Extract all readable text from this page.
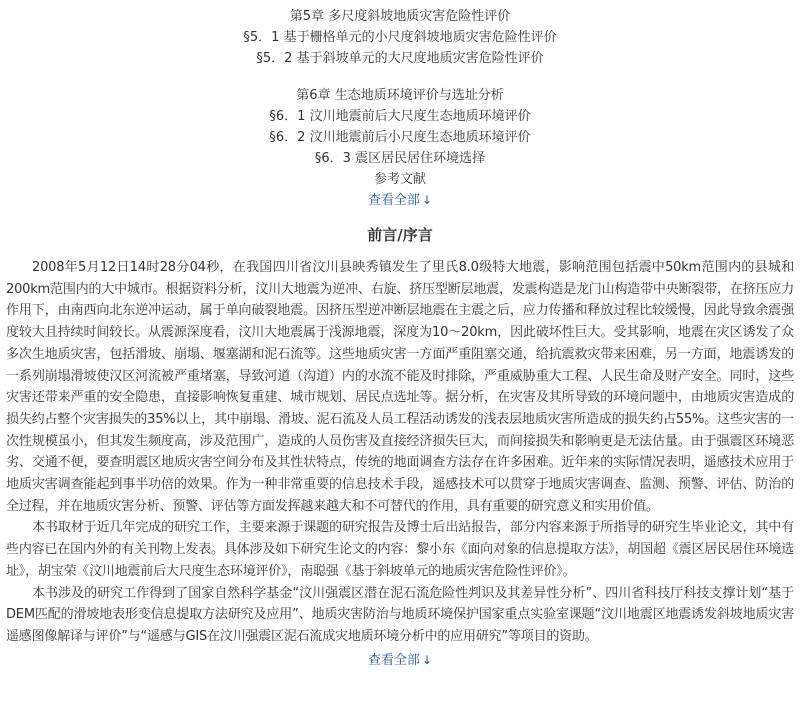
第5章 多尺度斜坡地质灾害危险性评价
§5．1 基于栅格单元的小尺度斜坡地质灾害危险性评价
§5．2 基于斜坡单元的大尺度地质灾害危险性评价
第6章 生态地质环境评价与选址分析
§6．1 汶川地震前后大尺度生态地质环境评价
§6．2 汶川地震前后小尺度生态地质环境评价
§6．3 震区居民居住环境选择
参考文献
查看全部 ↓
前言/序言

2008年5月12日14时28分04秒，在我国四川省汶川县映秀镇发生了里氏8.0级特大地震，影响范围包括震中50km范围内的县城和200km范围内的大中城市。根据资料分析，汶川大地震为逆冲、右旋、挤压型断层地震，发震构造是龙门山构造带中央断裂带，在挤压应力作用下，由南西向北东逆冲运动，属于单向破裂地震。因挤压型逆冲断层地震在主震之后，应力传播和释放过程比较缓慢，因此导致余震强度较大且持续时间较长。从震源深度看，汶川大地震属于浅源地震，深度为10～20km，因此破坏性巨大。受其影响，地震在灾区诱发了众多次生地质灾害，包括滑坡、崩塌、堰塞湖和泥石流等。这些地质灾害一方面严重阻塞交通，给抗震救灾带来困难，另一方面，地震诱发的一系列崩塌滑坡使汉区河流被严重堵塞，导致河道（沟道）内的水流不能及时排除，严重威胁重大工程、人民生命及财产安全。同时，这些灾害还带来严重的安全隐患，直接影响恢复重建、城市规划、居民点选址等。据分析，在灾害及其所导致的环境问题中，由地质灾害造成的损失约占整个灾害损失的35%以上，其中崩塌、滑坡、泥石流及人员工程活动诱发的浅表层地质灾害所造成的损失约占55%。这些灾害的一次性规模虽小，但其发生频度高，涉及范围广，造成的人员伤害及直接经济损失巨大，而间接损失和影响更是无法估量。由于强震区环境恶劣、交通不便，要查明震区地质灾害空间分布及其性状特点，传统的地面调查方法存在许多困难。近年来的实际情况表明，遥感技术应用于地质灾害调查能起到事半功倍的效果。作为一种非常重要的信息技术手段，遥感技术可以贯穿于地质灾害调查、监测、预警、评估、防治的全过程，并在地质灾害分析、预警、评估等方面发挥越来越大和不可替代的作用，具有重要的研究意义和实用价值。

本书取材于近几年完成的研究工作，主要来源于课题的研究报告及博士后出站报告，部分内容来源于所指导的研究生毕业论文，其中有些内容已在国内外的有关刊物上发表。具体涉及如下研究生论文的内容：黎小东《面向对象的信息提取方法》，胡国超《震区居民居住环境选址》，胡宝荣《汶川地震前后大尺度生态环境评价》，南聪强《基于斜坡单元的地质灾害危险性评价》。

本书涉及的研究工作得到了国家自然科学基金“汶川强震区潜在泥石流危险性判识及其差异性分析”、四川省科技厅科技支撑计划“基于DEM匹配的滑坡地表形变信息提取方法研究及应用”、地质灾害防治与地质环境保护国家重点实验室课题“汶川地震区地震诱发斜坡地质灾害遥感图像解译与评价”与“遥感与GIS在汶川强震区泥石流成灾地质环境分析中的应用研究”等项目的资助。

查看全部 ↓
